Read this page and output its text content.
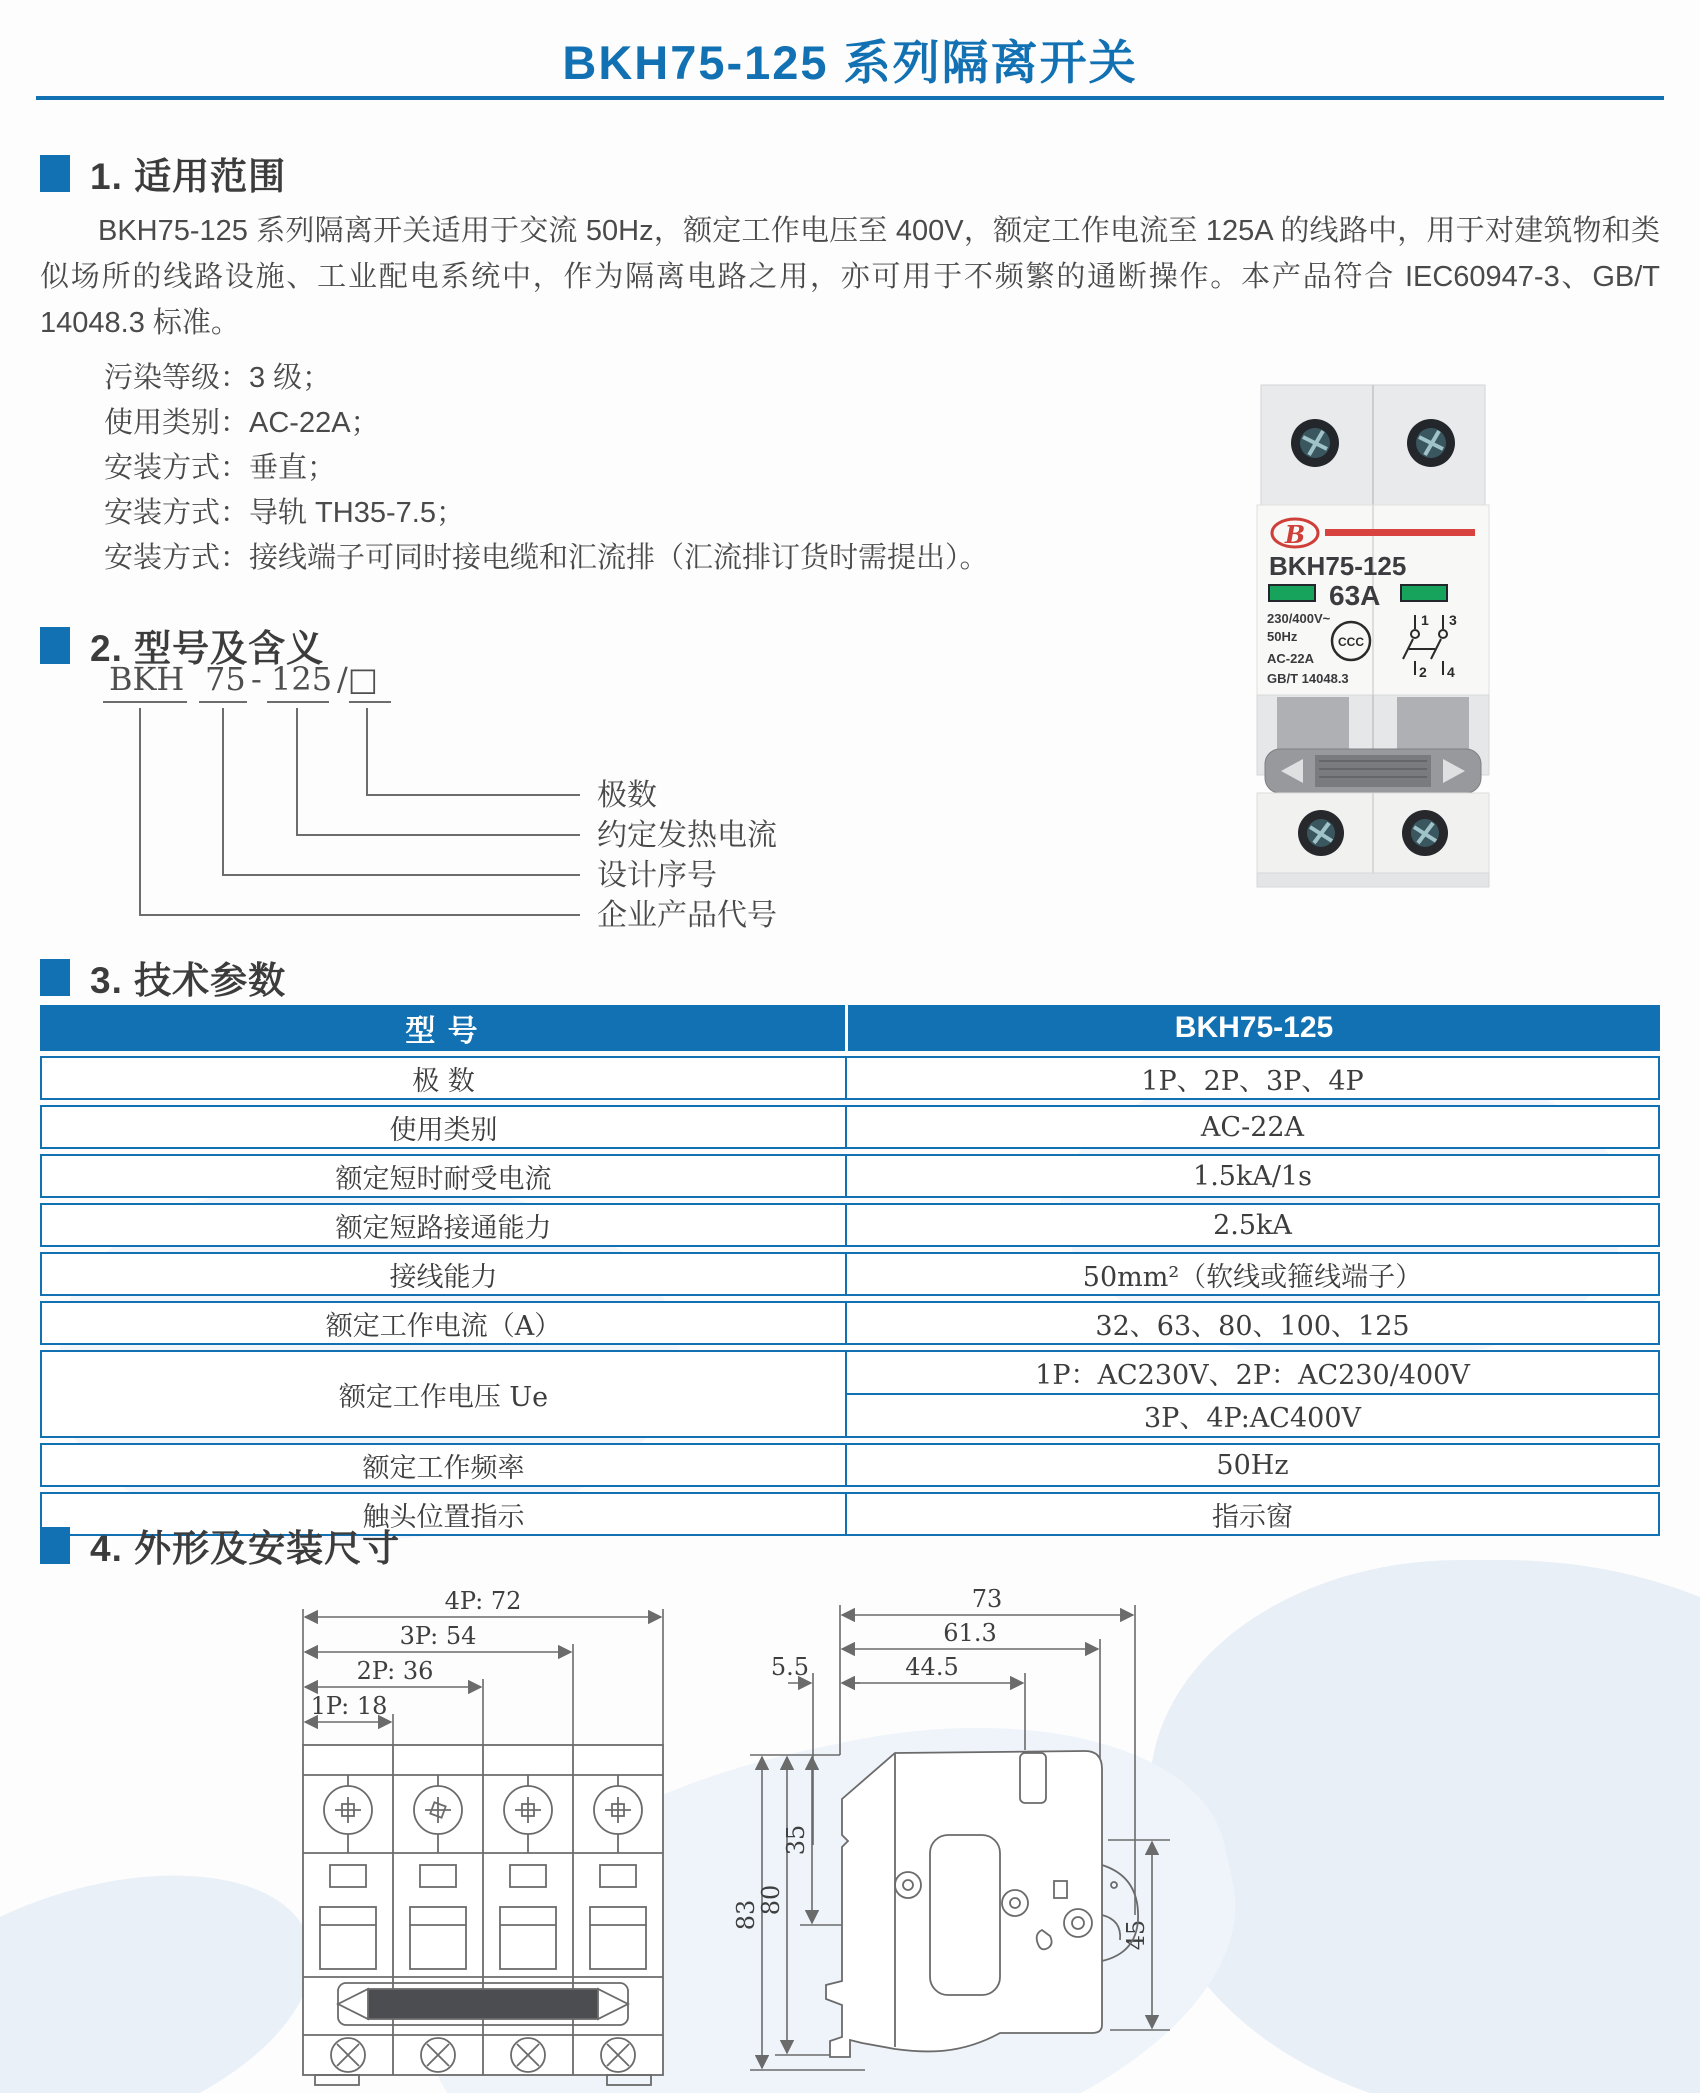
BKH75-125 系列隔离开关
1. 适用范围
BKH75-125 系列隔离开关适用于交流 50Hz，额定工作电压至 400V，额定工作电流至 125A 的线路中，用于对建筑物和类似场所的线路设施、工业配电系统中，作为隔离电路之用，亦可用于不频繁的通断操作。本产品符合 IEC60947-3、GB/T 14048.3 标准。
污染等级：3 级；
使用类别：AC-22A；
安装方式：垂直；
安装方式：导轨 TH35-7.5；
安装方式：接线端子可同时接电缆和汇流排（汇流排订货时需提出）。
B
BKH75-125
63A
230/400V~
50Hz
AC-22A
GB/T 14048.3
CCC
1 3
2 4
2. 型号及含义
BKH 75 - 125 /□
极数
约定发热电流
设计序号
企业产品代号
3. 技术参数
型 号	BKH75-125
极 数	1P、2P、3P、4P
使用类别	AC-22A
额定短时耐受电流	1.5kA/1s
额定短路接通能力	2.5kA
接线能力	50mm²（软线或箍线端子）
额定工作电流（A）	32、63、80、100、125
额定工作电压 Ue
1P：AC230V、2P：AC230/400V
3P、4P:AC400V
额定工作频率	50Hz
触头位置指示	指示窗
4. 外形及安装尺寸
4P: 72
3P: 54
2P: 36
1P: 18
73
61.3
44.5
5.5
83
80
35
45
